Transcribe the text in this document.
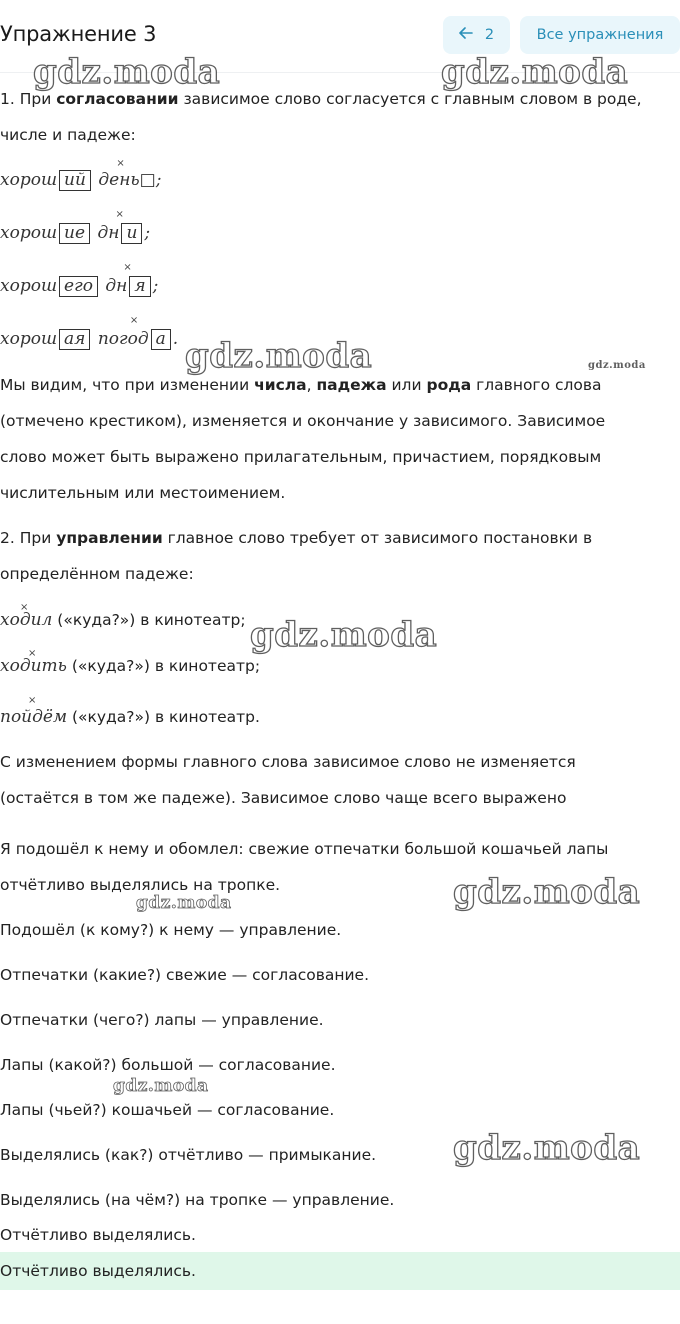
Упражнение 3	2	Все упражнения
gdz.moda	gdz.moda
gdz.moda	gdz.moda
gdz.moda
gdz.moda
gdz.moda
gdz.moda
gdz.moda
1. При согласовании зависимое слово согласуется с главным словом в роде,
числе и падеже:
хорош ий
×
день□;
хорош ие
×
дн и ;
хорош его
×
дн я ;
хорош ая
×
погод а .
Мы видим, что при изменении числа, падежа или рода главного слова
(отмечено крестиком), изменяется и окончание у зависимого. Зависимое
слово может быть выражено прилагательным, причастием, порядковым
числительным или местоимением.
2. При управлении главное слово требует от зависимого постановки в
определённом падеже:
×
ходил («куда?») в кинотеатр;
×
ходить («куда?») в кинотеатр;
×
пойдём («куда?») в кинотеатр.
С изменением формы главного слова зависимое слово не изменяется
(остаётся в том же падеже). Зависимое слово чаще всего выражено
Я подошёл к нему и обомлел: свежие отпечатки большой кошачьей лапы
отчётливо выделялись на тропке.
Подошёл (к кому?) к нему — управление.
Отпечатки (какие?) свежие — согласование.
Отпечатки (чего?) лапы — управление.
Лапы (какой?) большой — согласование.
Лапы (чьей?) кошачьей — согласование.
Выделялись (как?) отчётливо — примыкание.
Выделялись (на чём?) на тропке — управление.
Отчётливо выделялись.
Отчётливо выделялись.
